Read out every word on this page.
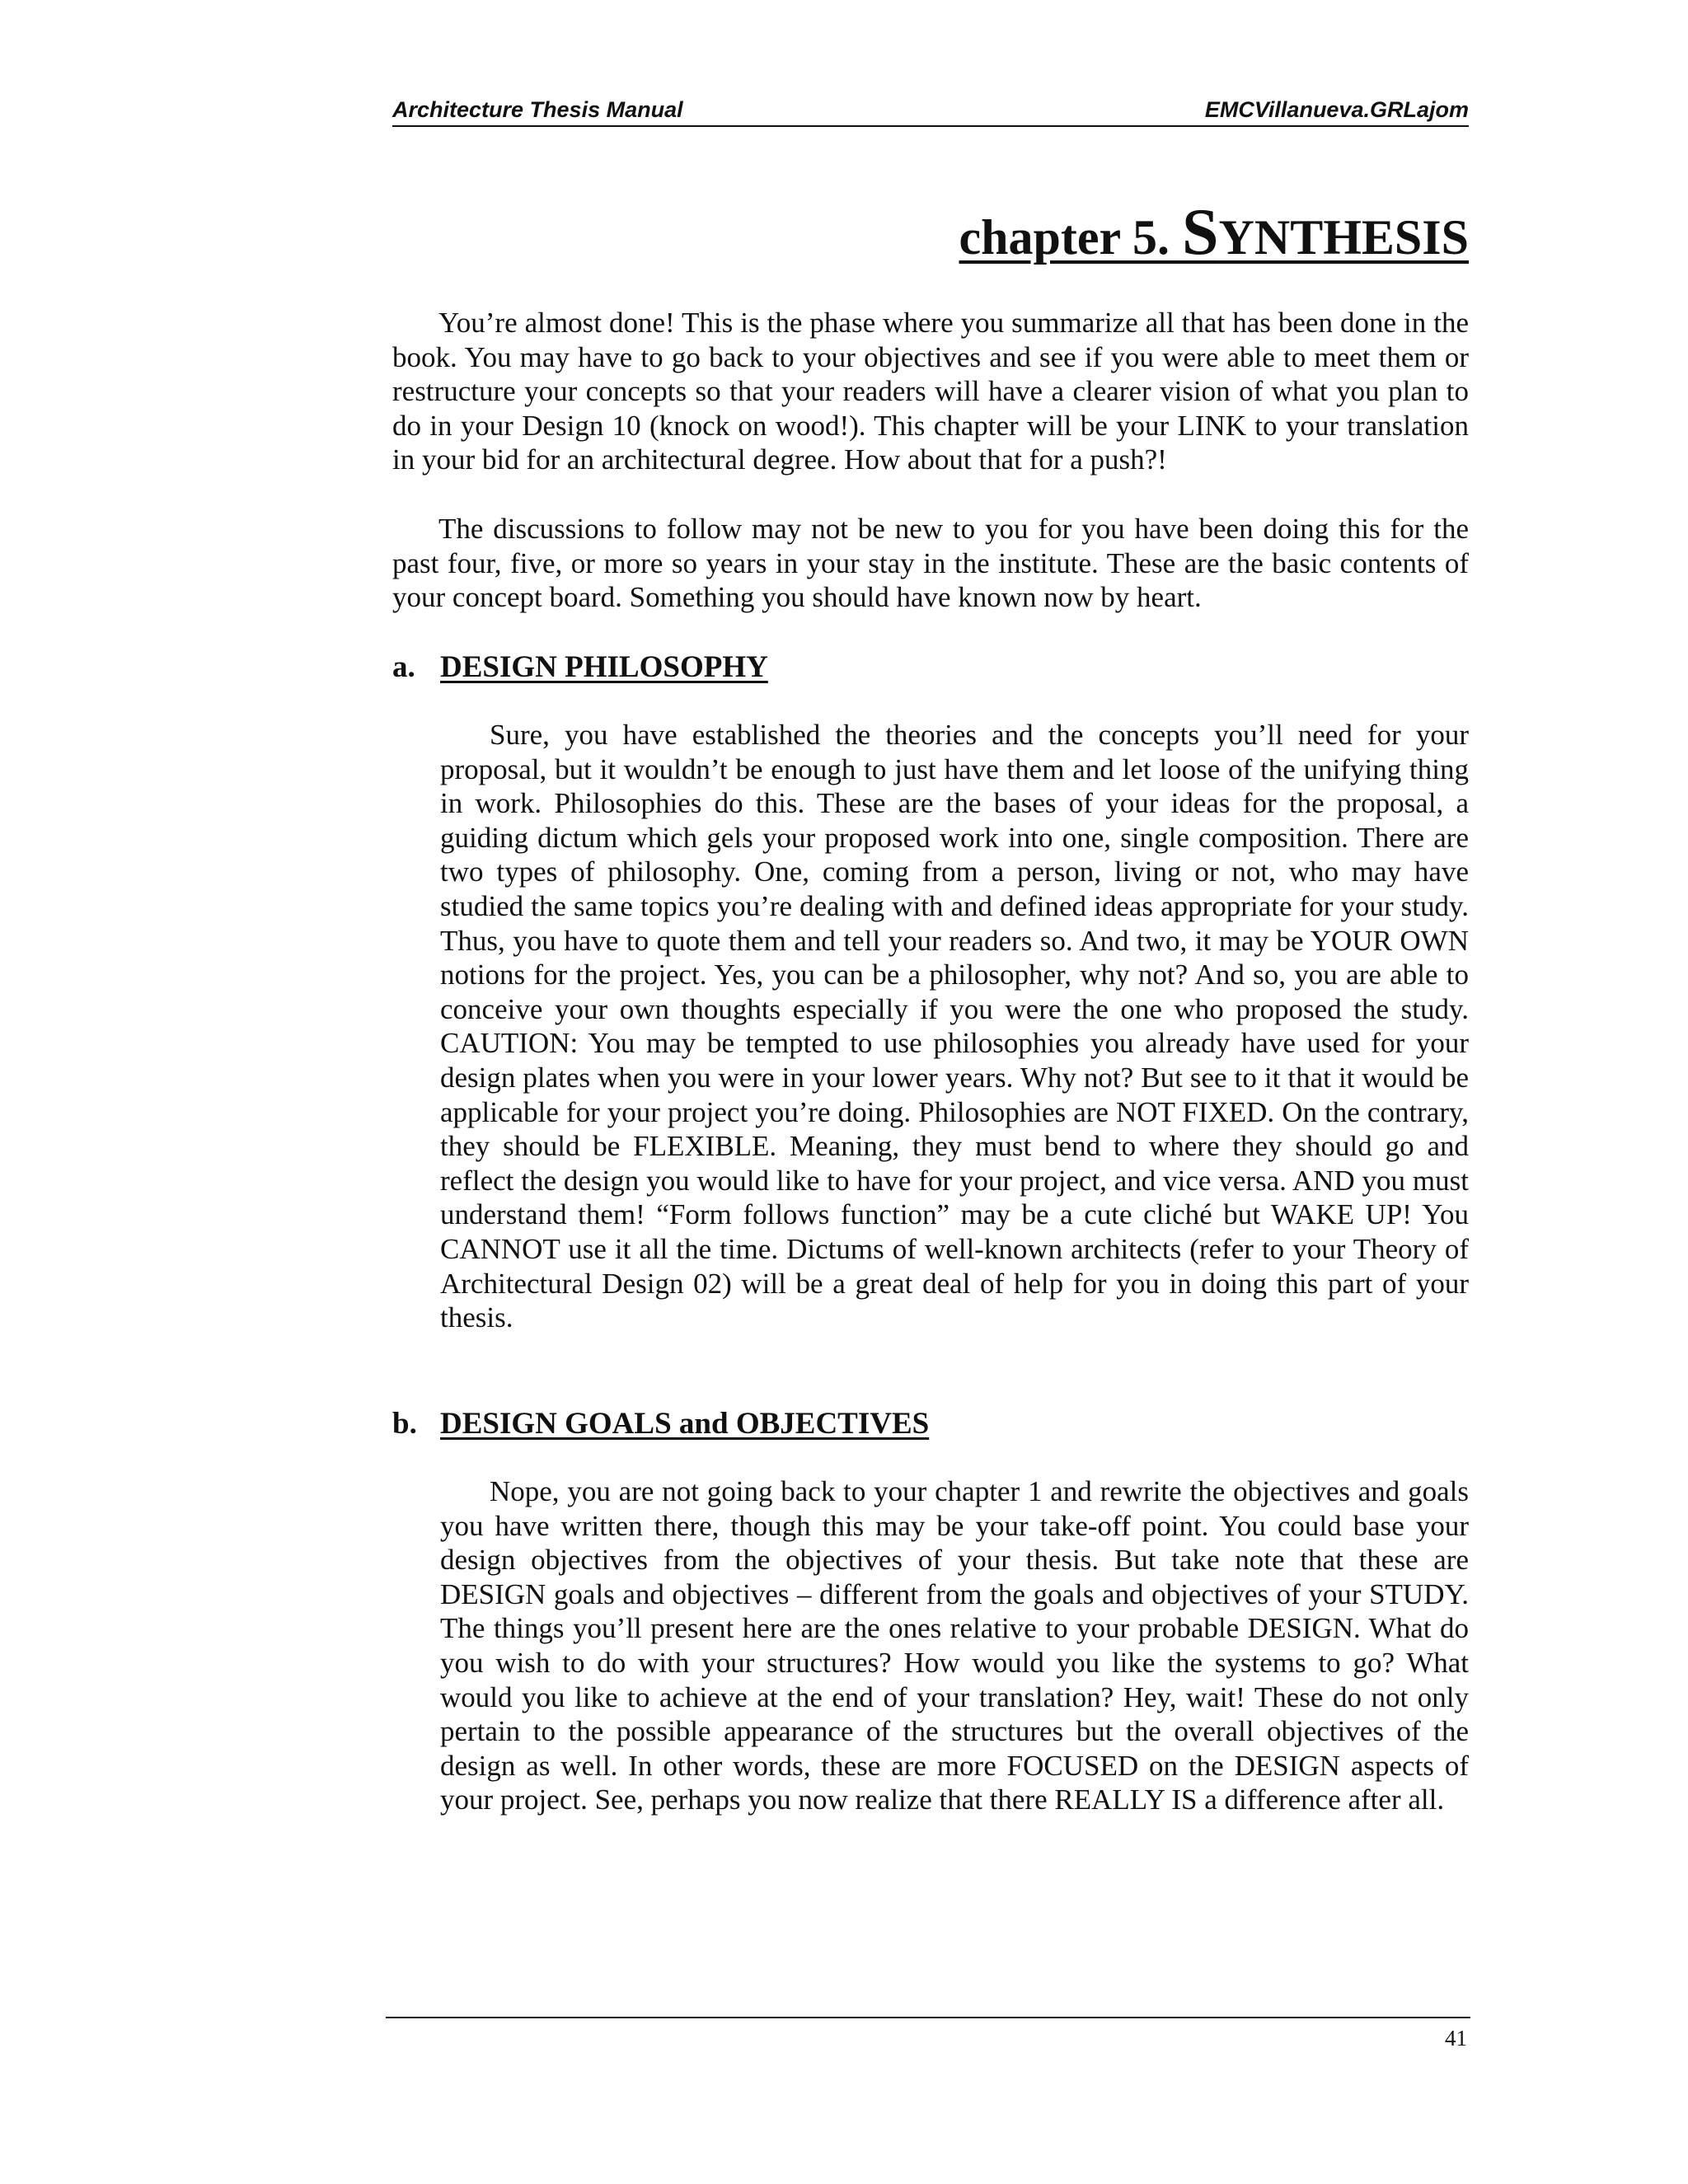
Architecture Thesis Manual	EMCVillanueva.GRLajom
chapter 5. SYNTHESIS

You’re almost done! This is the phase where you summarize all that has been done in the book. You may have to go back to your objectives and see if you were able to meet them or restructure your concepts so that your readers will have a clearer vision of what you plan to do in your Design 10 (knock on wood!). This chapter will be your LINK to your translation in your bid for an architectural degree. How about that for a push?!

The discussions to follow may not be new to you for you have been doing this for the past four, five, or more so years in your stay in the institute. These are the basic contents of your concept board. Something you should have known now by heart.

a. DESIGN PHILOSOPHY

Sure, you have established the theories and the concepts you’ll need for your proposal, but it wouldn’t be enough to just have them and let loose of the unifying thing in work. Philosophies do this. These are the bases of your ideas for the proposal, a guiding dictum which gels your proposed work into one, single composition. There are two types of philosophy. One, coming from a person, living or not, who may have studied the same topics you’re dealing with and defined ideas appropriate for your study. Thus, you have to quote them and tell your readers so. And two, it may be YOUR OWN notions for the project. Yes, you can be a philosopher, why not? And so, you are able to conceive your own thoughts especially if you were the one who proposed the study. CAUTION: You may be tempted to use philosophies you already have used for your design plates when you were in your lower years. Why not? But see to it that it would be applicable for your project you’re doing. Philosophies are NOT FIXED. On the contrary, they should be FLEXIBLE. Meaning, they must bend to where they should go and reflect the design you would like to have for your project, and vice versa. AND you must understand them! “Form follows function” may be a cute cliché but WAKE UP! You CANNOT use it all the time. Dictums of well-known architects (refer to your Theory of Architectural Design 02) will be a great deal of help for you in doing this part of your thesis.

b. DESIGN GOALS and OBJECTIVES

Nope, you are not going back to your chapter 1 and rewrite the objectives and goals you have written there, though this may be your take-off point. You could base your design objectives from the objectives of your thesis. But take note that these are DESIGN goals and objectives – different from the goals and objectives of your STUDY. The things you’ll present here are the ones relative to your probable DESIGN. What do you wish to do with your structures? How would you like the systems to go? What would you like to achieve at the end of your translation? Hey, wait! These do not only pertain to the possible appearance of the structures but the overall objectives of the design as well. In other words, these are more FOCUSED on the DESIGN aspects of your project. See, perhaps you now realize that there REALLY IS a difference after all.

41
